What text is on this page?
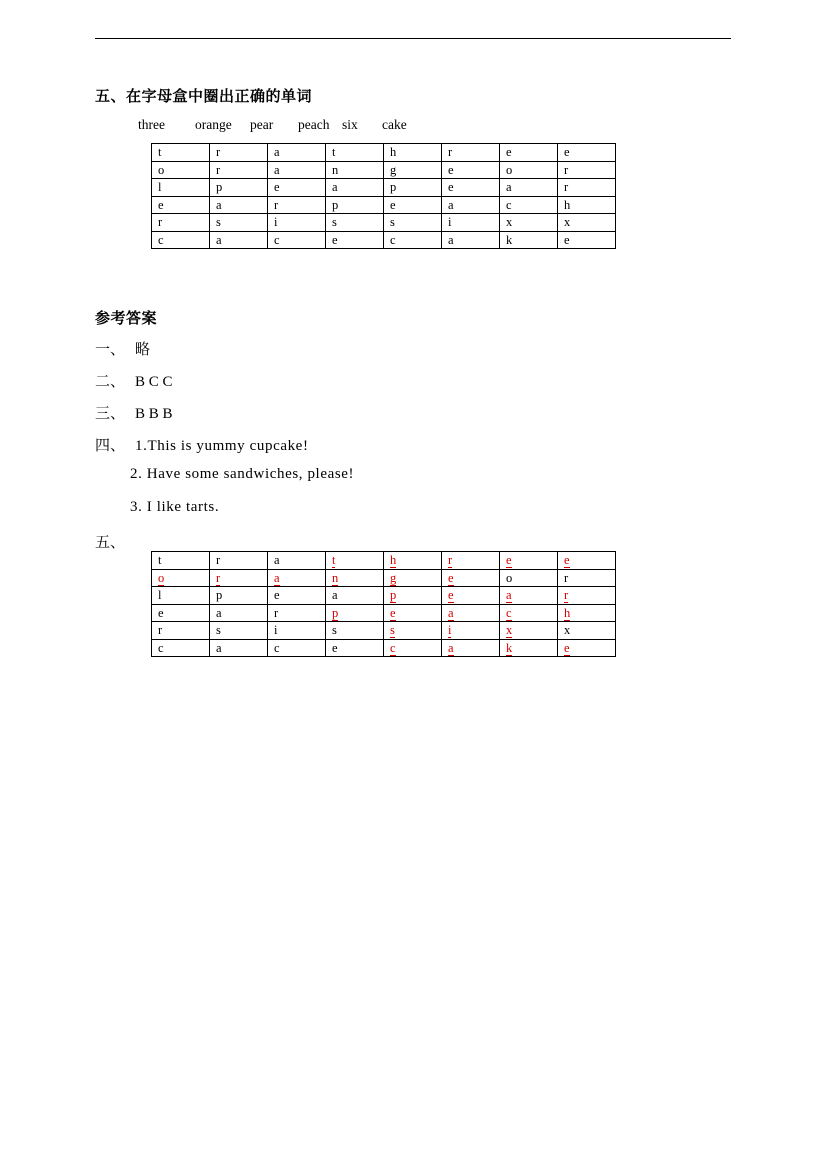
五、在字母盒中圈出正确的单词
three orange pear peach six cake
t	r	a	t	h	r	e	e
o	r	a	n	g	e	o	r
l	p	e	a	p	e	a	r
e	a	r	p	e	a	c	h
r	s	i	s	s	i	x	x
c	a	c	e	c	a	k	e
参考答案
一、 略
二、 B C C
三、 B B B
四、 1.This is yummy cupcake!
2. Have some sandwiches, please!
3. I like tarts.
五、
t	r	a	t	h	r	e	e
o	r	a	n	g	e	o	r
l	p	e	a	p	e	a	r
e	a	r	p	e	a	c	h
r	s	i	s	s	i	x	x
c	a	c	e	c	a	k	e
